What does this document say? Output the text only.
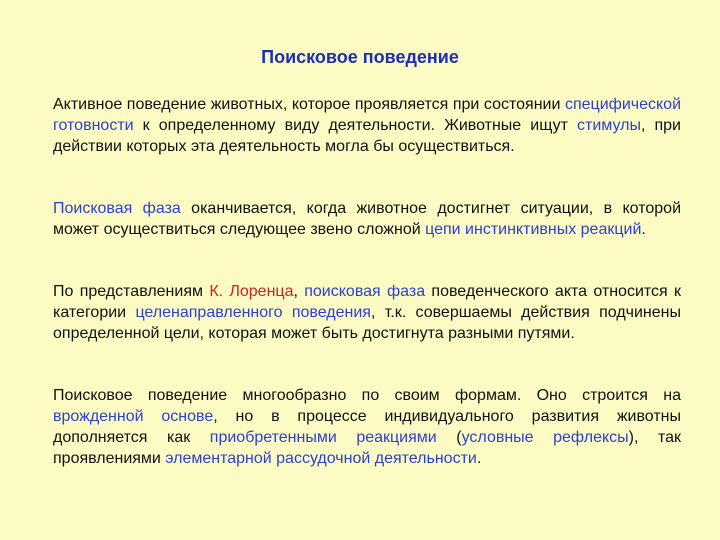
Поисковое поведение
Активное поведение животных, которое проявляется при состоянии специфической готовности к определенному виду деятельности. Животные ищут стимулы, при действии которых эта деятельность могла бы осуществиться.
Поисковая фаза оканчивается, когда животное достигнет ситуации, в которой может осуществиться следующее звено сложной цепи инстинктивных реакций.
По представлениям К. Лоренца, поисковая фаза поведенческого акта относится к категории целенаправленного поведения, т.к. совершаемы действия подчинены определенной цели, которая может быть достигнута разными путями.
Поисковое поведение многообразно по своим формам. Оно строится на врожденной основе, но в процессе индивидуального развития животны дополняется как приобретенными реакциями (условные рефлексы), так проявлениями элементарной рассудочной деятельности.
